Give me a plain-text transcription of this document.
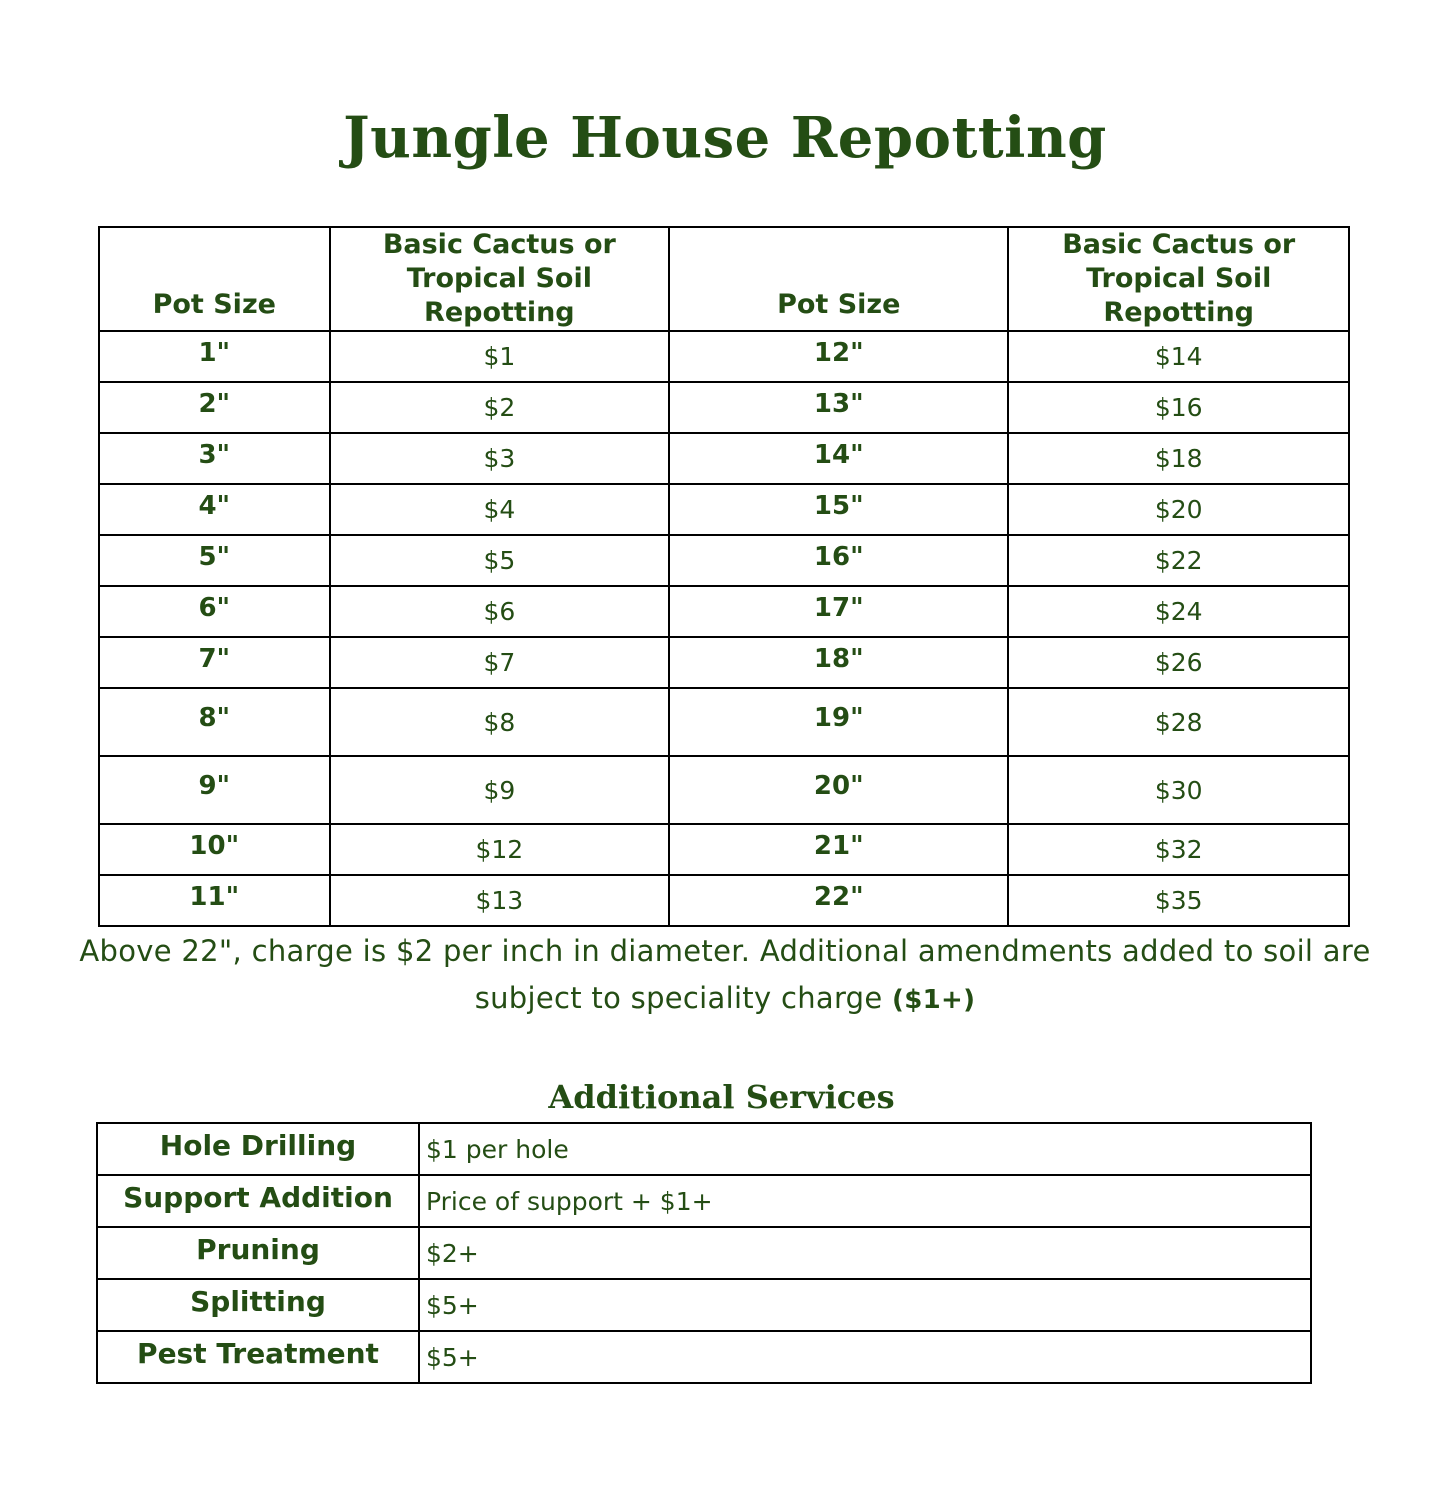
Jungle House Repotting
Pot Size	Basic Cactus or Tropical Soil Repotting	Pot Size	Basic Cactus or Tropical Soil Repotting
1"	$1	12"	$14
2"	$2	13"	$16
3"	$3	14"	$18
4"	$4	15"	$20
5"	$5	16"	$22
6"	$6	17"	$24
7"	$7	18"	$26
8"	$8	19"	$28
9"	$9	20"	$30
10"	$12	21"	$32
11"	$13	22"	$35
Above 22", charge is $2 per inch in diameter. Additional amendments added to soil are subject to speciality charge ($1+)
Additional Services
Hole Drilling	$1 per hole
Support Addition	Price of support + $1+
Pruning	$2+
Splitting	$5+
Pest Treatment	$5+
